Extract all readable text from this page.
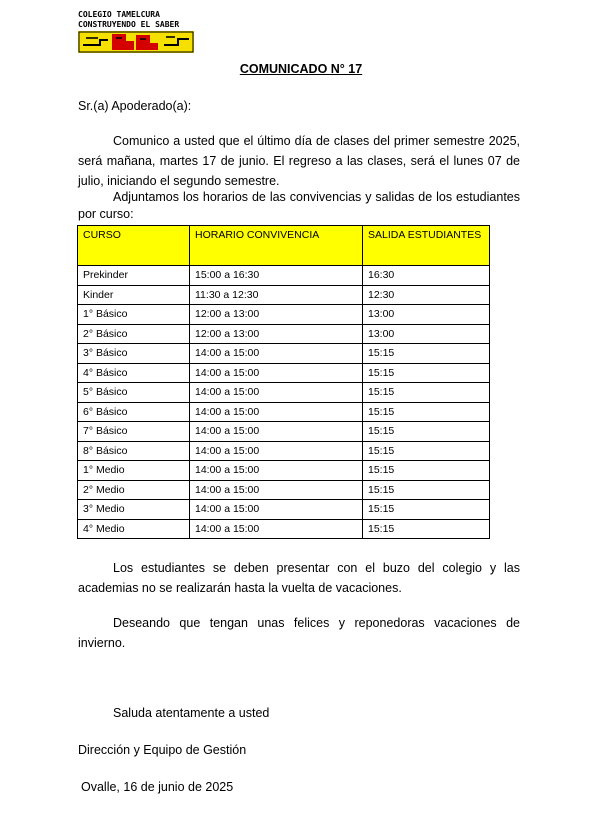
COLEGIO TAMELCURA
CONSTRUYENDO EL SABER
COMUNICADO N° 17
Sr.(a) Apoderado(a):
Comunico a usted que el último día de clases del primer semestre 2025, será mañana, martes 17 de junio. El regreso a las clases, será el lunes 07 de julio, iniciando el segundo semestre.
Adjuntamos los horarios de las convivencias y salidas de los estudiantes por curso:
CURSO	HORARIO CONVIVENCIA	SALIDA ESTUDIANTES
Prekinder	15:00 a 16:30	16:30
Kinder	11:30 a 12:30	12:30
1° Básico	12:00 a 13:00	13:00
2° Básico	12:00 a 13:00	13:00
3° Básico	14:00 a 15:00	15:15
4° Básico	14:00 a 15:00	15:15
5° Básico	14:00 a 15:00	15:15
6° Básico	14:00 a 15:00	15:15
7° Básico	14:00 a 15:00	15:15
8° Básico	14:00 a 15:00	15:15
1° Medio	14:00 a 15:00	15:15
2° Medio	14:00 a 15:00	15:15
3° Medio	14:00 a 15:00	15:15
4° Medio	14:00 a 15:00	15:15
Los estudiantes se deben presentar con el buzo del colegio y las academias no se realizarán hasta la vuelta de vacaciones.
Deseando que tengan unas felices y reponedoras vacaciones de invierno.
Saluda atentamente a usted
Dirección y Equipo de Gestión
Ovalle, 16 de junio de 2025
